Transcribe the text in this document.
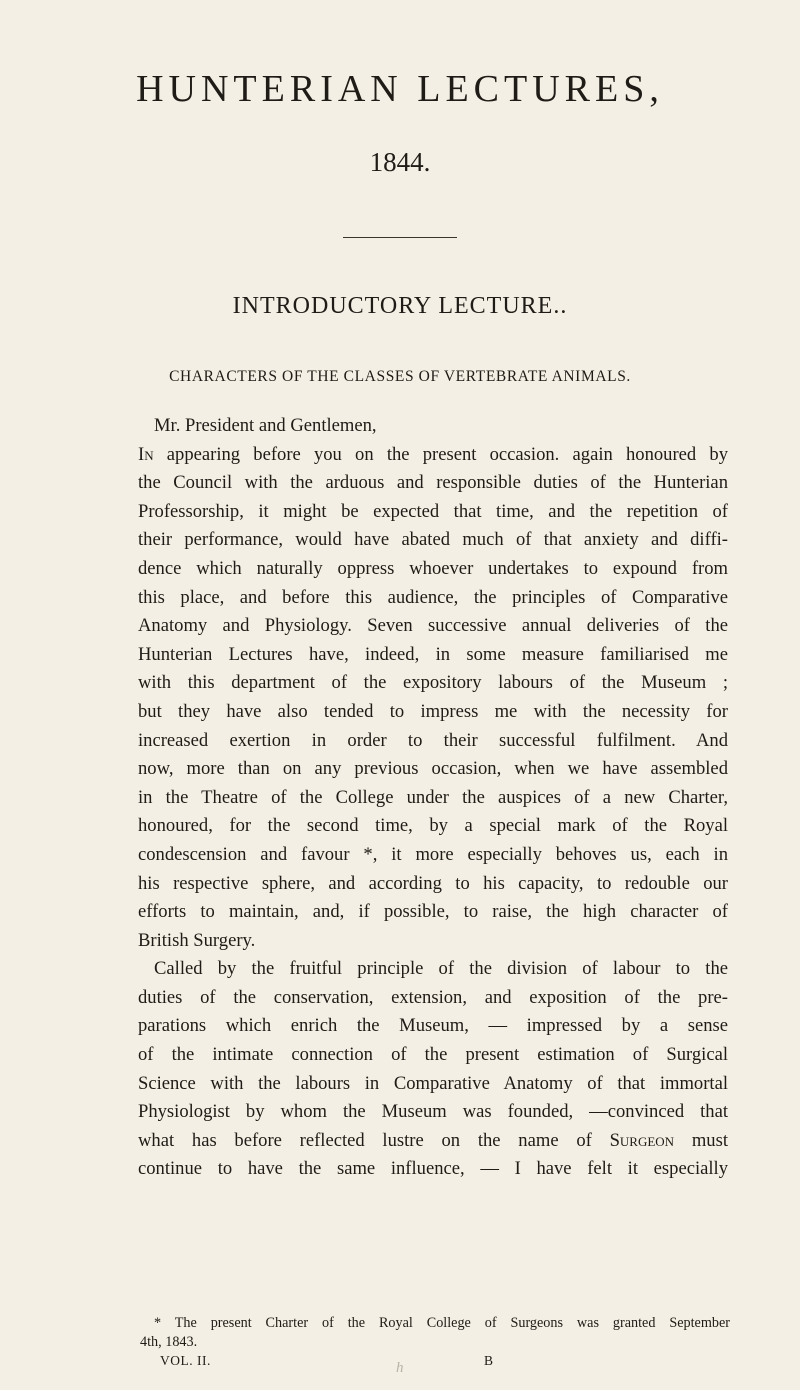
HUNTERIAN LECTURES,
1844.
INTRODUCTORY LECTURE..
CHARACTERS OF THE CLASSES OF VERTEBRATE ANIMALS.
Mr. President and Gentlemen,
In appearing before you on the present occasion. again honoured by
the Council with the arduous and responsible duties of the Hunterian
Professorship, it might be expected that time, and the repetition of
their performance, would have abated much of that anxiety and diffi-
dence which naturally oppress whoever undertakes to expound from
this place, and before this audience, the principles of Comparative
Anatomy and Physiology. Seven successive annual deliveries of the
Hunterian Lectures have, indeed, in some measure familiarised me
with this department of the expository labours of the Museum ;
but they have also tended to impress me with the necessity for
increased exertion in order to their successful fulfilment. And
now, more than on any previous occasion, when we have assembled
in the Theatre of the College under the auspices of a new Charter,
honoured, for the second time, by a special mark of the Royal
condescension and favour *, it more especially behoves us, each in
his respective sphere, and according to his capacity, to redouble our
efforts to maintain, and, if possible, to raise, the high character of
British Surgery.
Called by the fruitful principle of the division of labour to the
duties of the conservation, extension, and exposition of the pre-
parations which enrich the Museum, — impressed by a sense
of the intimate connection of the present estimation of Surgical
Science with the labours in Comparative Anatomy of that immortal
Physiologist by whom the Museum was founded, —convinced that
what has before reflected lustre on the name of Surgeon must
continue to have the same influence, — I have felt it especially
* The present Charter of the Royal College of Surgeons was granted September
4th, 1843.
VOL. II.	B
h
